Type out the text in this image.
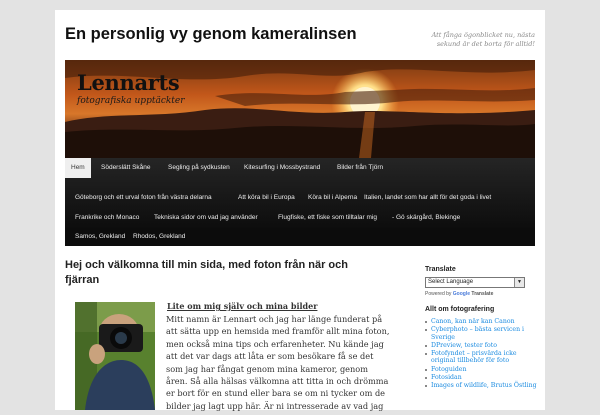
En personlig vy genom kameralinsen	Att fånga ögonblicket nu, nästa sekund är det borta för alltid!
Lennarts
fotografiska upptäckter
Hem	Söderslätt Skåne	Segling på sydkusten	Kitesurfing i Mossbystrand	Bilder från Tjörn
Göteborg och ett urval foton från västra delarna	Att köra bil i Europa	Köra bil i Alperna	Italien, landet som har allt för det goda i livet
Frankrike och Monaco	Tekniska sidor om vad jag använder	Flugfiske, ett fiske som tilltalar mig	- Gö skärgård, Blekinge
Samos, Grekland	Rhodos, Grekland
Hej och välkomna till min sida, med foton från när och fjärran
Lite om mig själv och mina bilder
Mitt namn är Lennart och jag har länge funderat på att sätta upp en hemsida med framför allt mina foton, men också mina tips och erfarenheter. Nu kände jag att det var dags att låta er som besökare få se det som jag har fångat genom mina kameror, genom åren. Så alla hälsas välkomna att titta in och drömma er bort för en stund eller bara se om ni tycker om de bilder jag lagt upp här. Är ni intresserade av vad jag
Translate
Select Language	▼
Powered by Google Translate
Allt om fotografering
Canon, kan när kan Canon
Cyberphoto – bästa servicen i Sverige
DPreview, tester foto
Fotofyndet – prisvärda icke original tillbehör för foto
Fotoguiden
Fotosidan
Images of wildlife, Brutus Östling
